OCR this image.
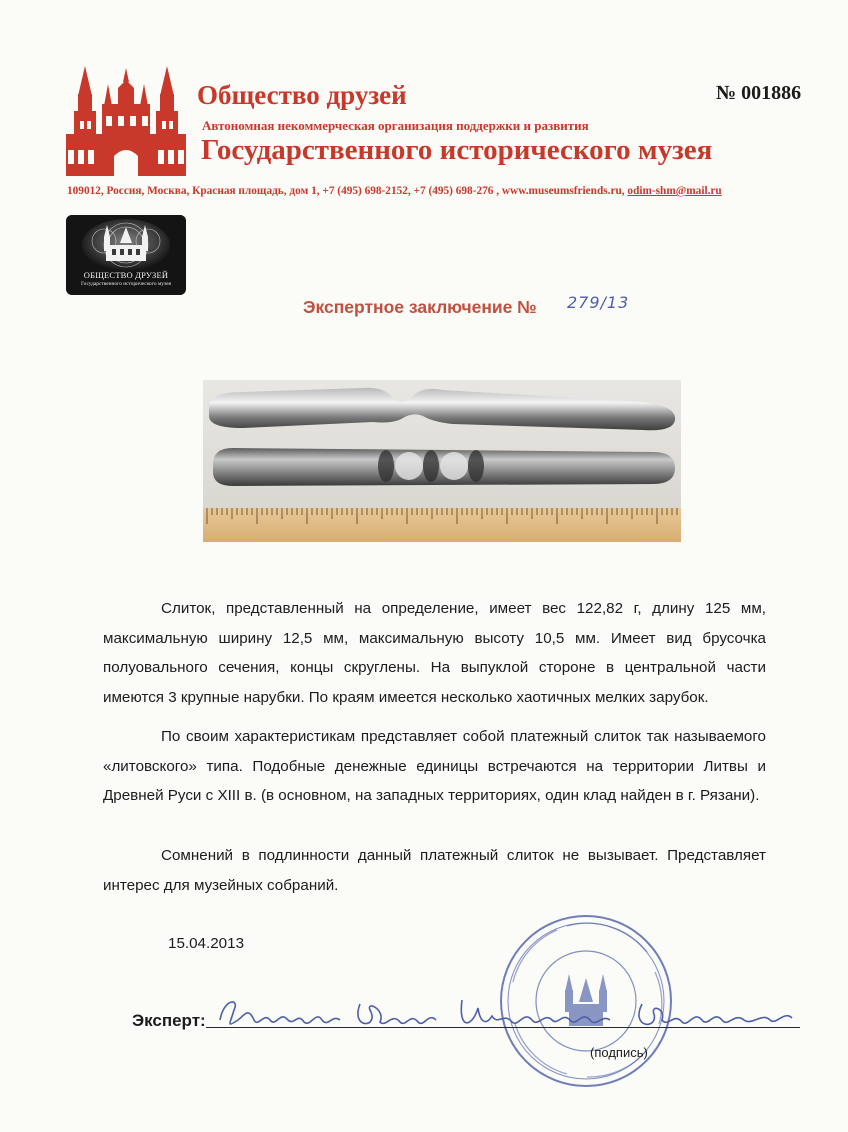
Общество друзей	№ 001886
Автономная некоммерческая организация поддержки и развития
Государственного исторического музея
109012, Россия, Москва, Красная площадь, дом 1, +7 (495) 698-2152, +7 (495) 698-276 , www.museumsfriends.ru, odim-shm@mail.ru
ОБЩЕСТВО ДРУЗЕЙ
Государственного исторического музея
Экспертное заключение № 279/13

Слиток, представленный на определение, имеет вес 122,82 г, длину 125 мм, максимальную ширину 12,5 мм, максимальную высоту 10,5 мм. Имеет вид брусочка полуовального сечения, концы скруглены. На выпуклой стороне в центральной части имеются 3 крупные нарубки. По краям имеется несколько хаотичных мелких зарубок.

По своим характеристикам представляет собой платежный слиток так называемого «литовского» типа. Подобные денежные единицы встречаются на территории Литвы и Древней Руси с XIII в. (в основном, на западных территориях, один клад найден в г. Рязани).

Сомнений в подлинности данный платежный слиток не вызывает. Представляет интерес для музейных собраний.

15.04.2013
Эксперт:
(подпись)
